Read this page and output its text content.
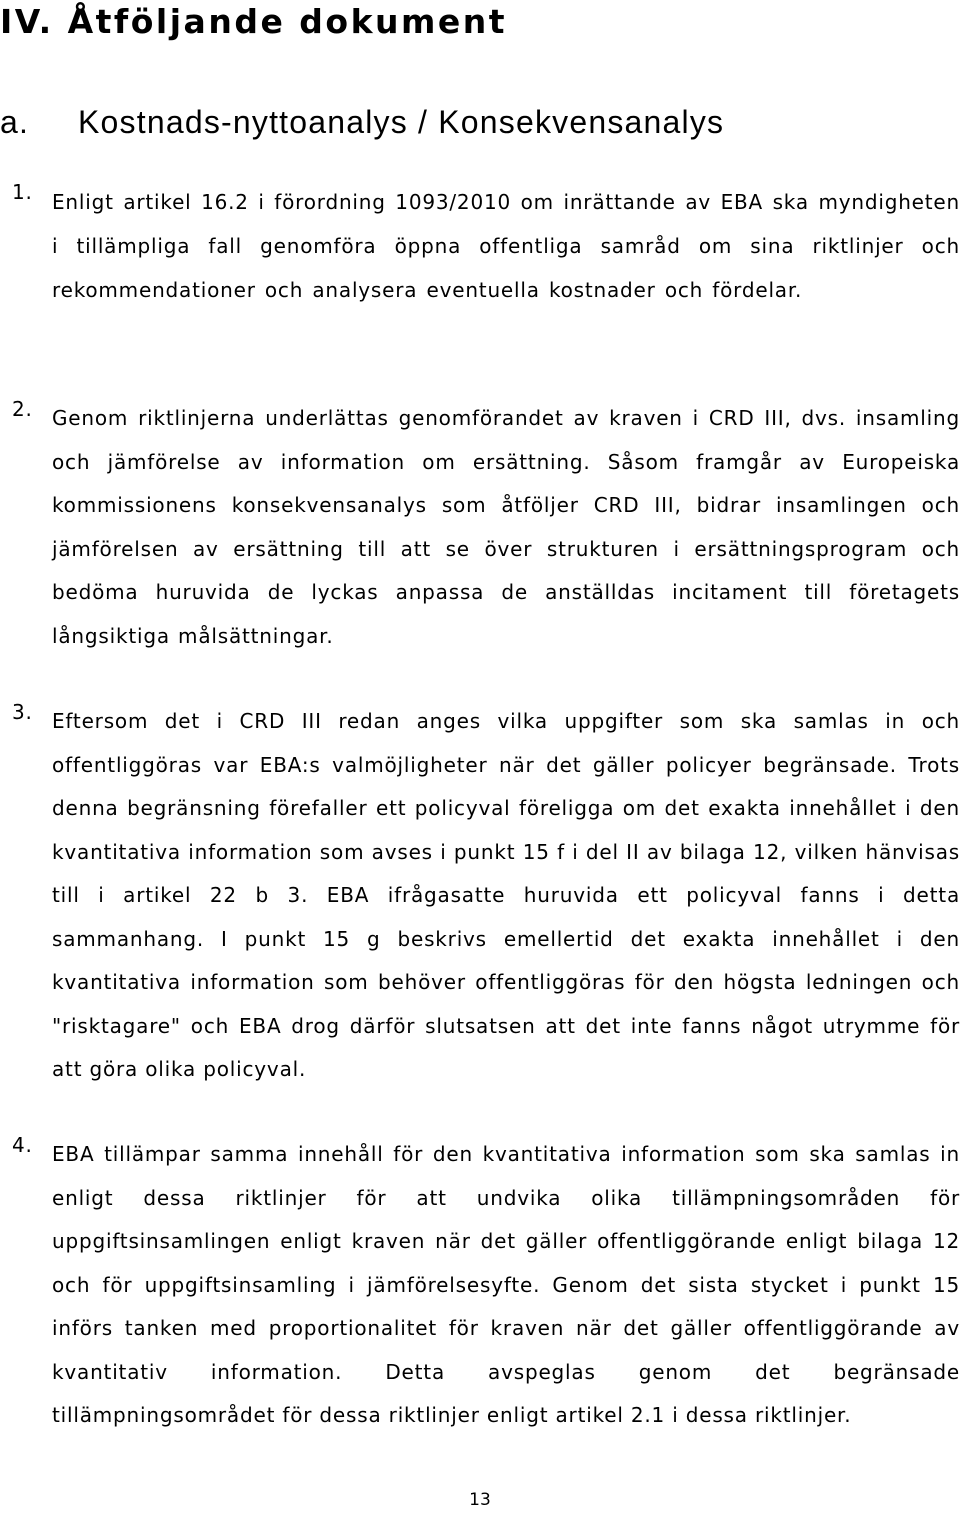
IV. Åtföljande dokument
a. Kostnads-nyttoanalys / Konsekvensanalys
1. Enligt artikel 16.2 i förordning 1093/2010 om inrättande av EBA ska myndigheten i tillämpliga fall genomföra öppna offentliga samråd om sina riktlinjer och rekommendationer och analysera eventuella kostnader och fördelar.

2. Genom riktlinjerna underlättas genomförandet av kraven i CRD III, dvs. insamling och jämförelse av information om ersättning. Såsom framgår av Europeiska kommissionens konsekvensanalys som åtföljer CRD III, bidrar insamlingen och jämförelsen av ersättning till att se över strukturen i ersättningsprogram och bedöma huruvida de lyckas anpassa de anställdas incitament till företagets långsiktiga målsättningar.

3. Eftersom det i CRD III redan anges vilka uppgifter som ska samlas in och offentliggöras var EBA:s valmöjligheter när det gäller policyer begränsade. Trots denna begränsning förefaller ett policyval föreligga om det exakta innehållet i den kvantitativa information som avses i punkt 15 f i del II av bilaga 12, vilken hänvisas till i artikel 22 b 3. EBA ifrågasatte huruvida ett policyval fanns i detta sammanhang. I punkt 15 g beskrivs emellertid det exakta innehållet i den kvantitativa information som behöver offentliggöras för den högsta ledningen och "risktagare" och EBA drog därför slutsatsen att det inte fanns något utrymme för att göra olika policyval.

4. EBA tillämpar samma innehåll för den kvantitativa information som ska samlas in enligt dessa riktlinjer för att undvika olika tillämpningsområden för uppgiftsinsamlingen enligt kraven när det gäller offentliggörande enligt bilaga 12 och för uppgiftsinsamling i jämförelsesyfte. Genom det sista stycket i punkt 15 införs tanken med proportionalitet för kraven när det gäller offentliggörande av kvantitativ information. Detta avspeglas genom det begränsade tillämpningsområdet för dessa riktlinjer enligt artikel 2.1 i dessa riktlinjer.

13
